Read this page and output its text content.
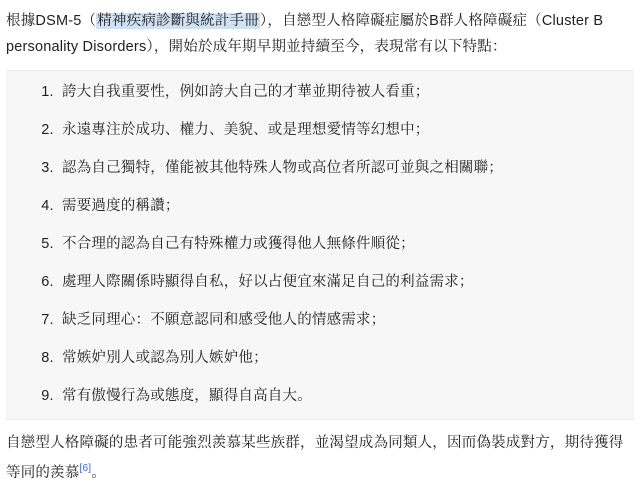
根據DSM-5（精神疾病診斷與統計手冊），自戀型人格障礙症屬於B群人格障礙症（Cluster B personality Disorders），開始於成年期早期並持續至今，表現常有以下特點：

1. 誇大自我重要性，例如誇大自己的才華並期待被人看重；
2. 永遠專注於成功、權力、美貌、或是理想愛情等幻想中；
3. 認為自己獨特，僅能被其他特殊人物或高位者所認可並與之相關聯；
4. 需要過度的稱讚；
5. 不合理的認為自己有特殊權力或獲得他人無條件順從；
6. 處理人際關係時顯得自私，好以占便宜來滿足自己的利益需求；
7. 缺乏同理心：不願意認同和感受他人的情感需求；
8. 常嫉妒別人或認為別人嫉妒他；
9. 常有傲慢行為或態度，顯得自高自大。

自戀型人格障礙的患者可能強烈羨慕某些族群，並渴望成為同類人，因而偽裝成對方，期待獲得等同的羨慕[6]。
